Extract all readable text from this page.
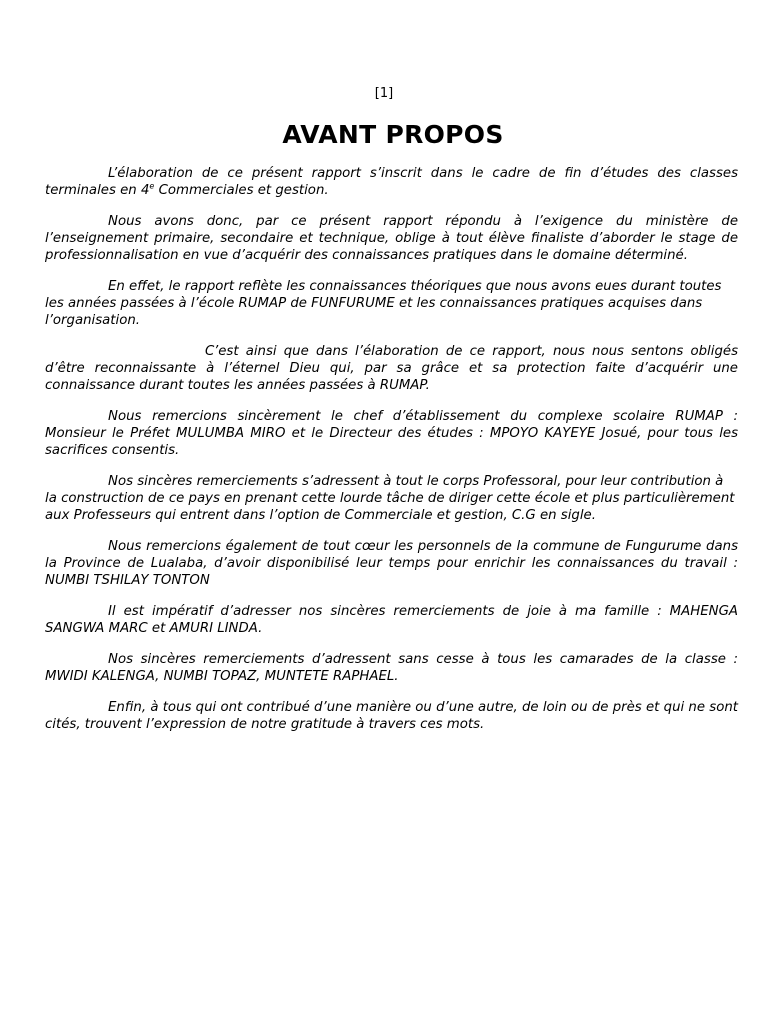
[1]
AVANT PROPOS

L’élaboration de ce présent rapport s’inscrit dans le cadre de fin d’études des classes terminales en 4e Commerciales et gestion.

Nous avons donc, par ce présent rapport répondu à l’exigence du ministère de l’enseignement primaire, secondaire et technique, oblige à tout élève finaliste d’aborder le stage de professionnalisation en vue d’acquérir des connaissances pratiques dans le domaine déterminé.

En effet, le rapport reflète les connaissances théoriques que nous avons eues durant toutes les années passées à l’école RUMAP de FUNFURUME et les connaissances pratiques acquises dans l’organisation.

C’est ainsi que dans l’élaboration de ce rapport, nous nous sentons obligés d’être reconnaissante à l’éternel Dieu qui, par sa grâce et sa protection faite d’acquérir une connaissance durant toutes les années passées à RUMAP.

Nous remercions sincèrement le chef d’établissement du complexe scolaire RUMAP : Monsieur le Préfet MULUMBA MIRO et le Directeur des études : MPOYO KAYEYE Josué, pour tous les sacrifices consentis.

Nos sincères remerciements s’adressent à tout le corps Professoral, pour leur contribution à la construction de ce pays en prenant cette lourde tâche de diriger cette école et plus particulièrement aux Professeurs qui entrent dans l’option de Commerciale et gestion, C.G en sigle.

Nous remercions également de tout cœur les personnels de la commune de Fungurume dans la Province de Lualaba, d’avoir disponibilisé leur temps pour enrichir les connaissances du travail : NUMBI TSHILAY TONTON

Il est impératif d’adresser nos sincères remerciements de joie à ma famille : MAHENGA SANGWA MARC et AMURI LINDA.

Nos sincères remerciements d’adressent sans cesse à tous les camarades de la classe : MWIDI KALENGA, NUMBI TOPAZ, MUNTETE RAPHAEL.

Enfin, à tous qui ont contribué d’une manière ou d’une autre, de loin ou de près et qui ne sont cités, trouvent l’expression de notre gratitude à travers ces mots.
